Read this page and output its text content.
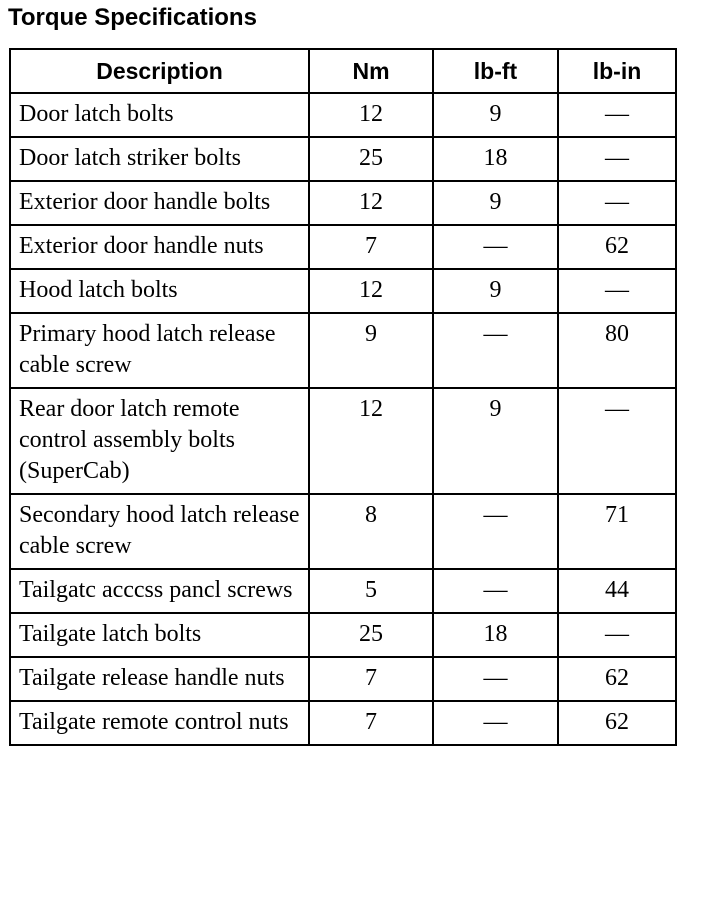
Torque Specifications
Description	Nm	lb-ft	lb-in
Door latch bolts	12	9	—
Door latch striker bolts	25	18	—
Exterior door handle bolts	12	9	—
Exterior door handle nuts	7	—	62
Hood latch bolts	12	9	—
Primary hood latch release cable screw	9	—	80
Rear door latch remote control assembly bolts (SuperCab)	12	9	—
Secondary hood latch release cable screw	8	—	71
Tailgatc acccss pancl screws	5	—	44
Tailgate latch bolts	25	18	—
Tailgate release handle nuts	7	—	62
Tailgate remote control nuts	7	—	62
